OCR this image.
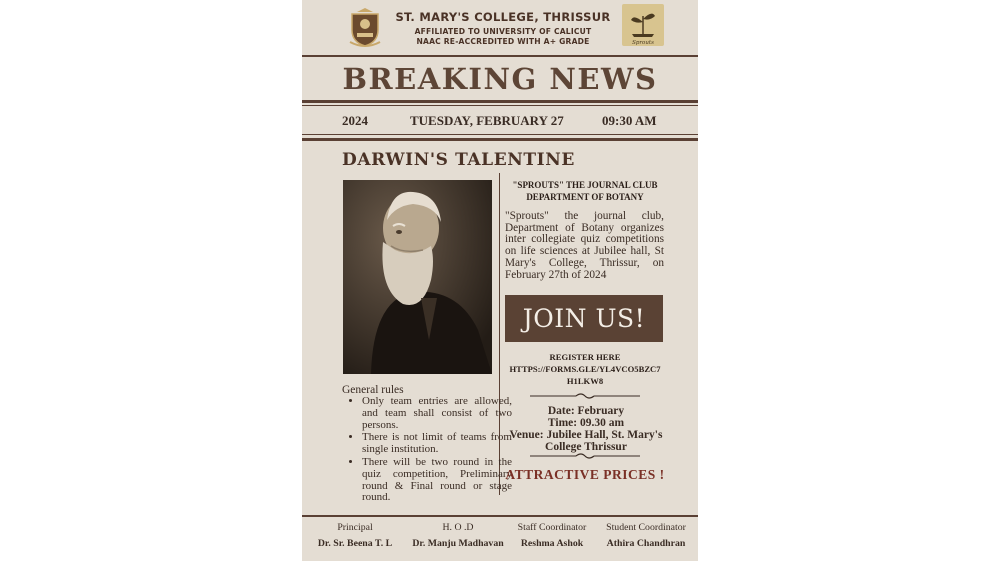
ST. MARY'S COLLEGE, THRISSUR
AFFILIATED TO UNIVERSITY OF CALICUT
NAAC RE-ACCREDITED WITH A+ GRADE	Sprouts
BREAKING NEWS
2024	TUESDAY, FEBRUARY 27	09:30 AM
DARWIN'S TALENTINE
General rules
• Only team entries are allowed, and team shall consist of two persons.
• There is not limit of teams from single institution.
• There will be two round in the quiz competition, Preliminary round & Final round or stage round.
"SPROUTS" THE JOURNAL CLUB
DEPARTMENT OF BOTANY
"Sprouts" the journal club, Department of Botany organizes inter collegiate quiz competitions on life sciences at Jubilee hall, St Mary's College, Thrissur, on February 27th of 2024
JOIN US!
REGISTER HERE
HTTPS://FORMS.GLE/YL4VCO5BZC7H1LKW8
Date: February
Time: 09.30 am
Venue: Jubilee Hall, St. Mary's College Thrissur
ATTRACTIVE PRICES !
Principal
Dr. Sr. Beena T. L
H. O .D
Dr. Manju Madhavan
Staff Coordinator
Reshma Ashok
Student Coordinator
Athira Chandhran
